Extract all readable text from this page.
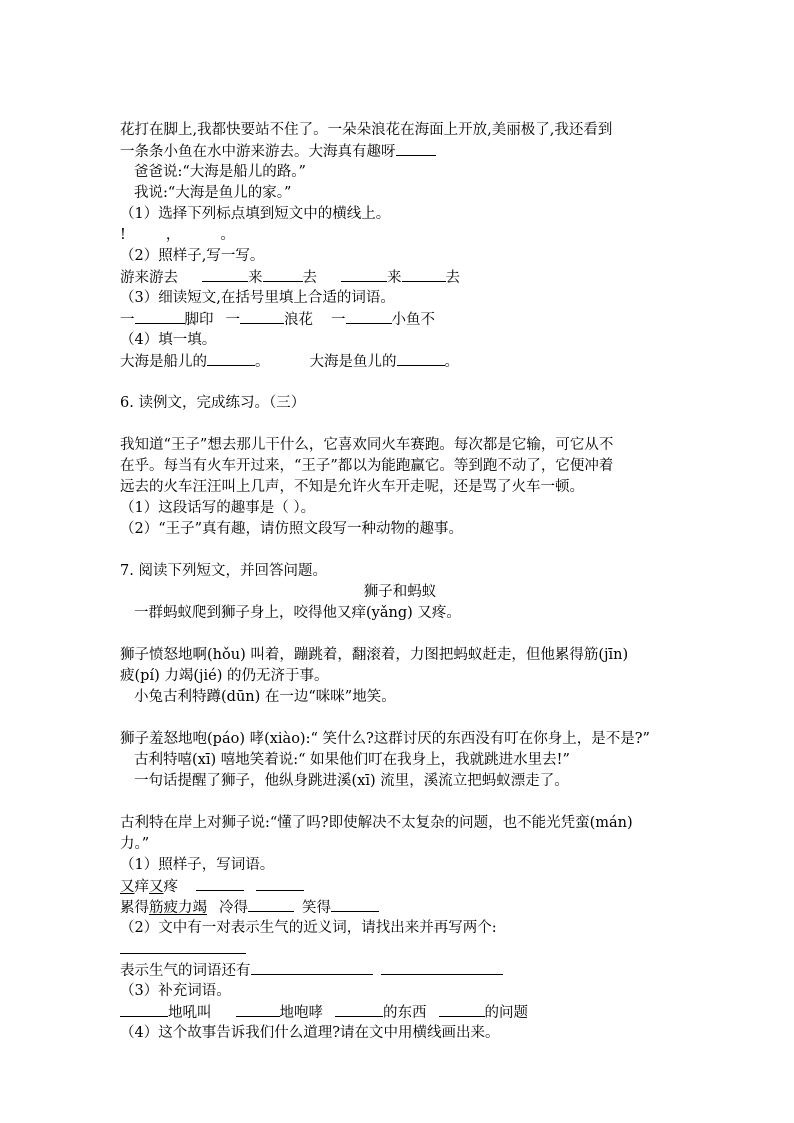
花打在脚上,我都快要站不住了。一朵朵浪花在海面上开放,美丽极了,我还看到
一条条小鱼在水中游来游去。大海真有趣呀
爸爸说:“大海是船儿的路。”
我说:“大海是鱼儿的家。”
（1）选择下列标点填到短文中的横线上。
!	，	。
（2）照样子,写一写。
游来游去	来	去	来	去
（3）细读短文,在括号里填上合适的词语。
一	脚印 一	浪花 一	小鱼不
（4）填一填。
大海是船儿的	。	大海是鱼儿的	。
6. 读例文，完成练习。（三）
我知道“王子”想去那儿干什么，它喜欢同火车赛跑。每次都是它输，可它从不
在乎。每当有火车开过来，“王子”都以为能跑赢它。等到跑不动了，它便冲着
远去的火车汪汪叫上几声，不知是允许火车开走呢，还是骂了火车一顿。
（1）这段话写的趣事是（ ）。
（2）“王子”真有趣，请仿照文段写一种动物的趣事。
7. 阅读下列短文，并回答问题。
狮子和蚂蚁
一群蚂蚁爬到狮子身上，咬得他又痒(yǎng) 又疼。
狮子愤怒地啊(hǒu) 叫着，蹦跳着，翻滚着，力图把蚂蚁赶走，但他累得筋(jīn)
疲(pí) 力竭(jié) 的仍无济于事。
小兔古利特蹲(dūn) 在一边“咪咪”地笑。
狮子羞怒地咆(páo) 哮(xiào):“ 笑什么?这群讨厌的东西没有叮在你身上，是不是?”
古利特嘻(xī) 嘻地笑着说:“ 如果他们叮在我身上，我就跳进水里去!”
一句话提醒了狮子，他纵身跳进溪(xī) 流里，溪流立把蚂蚁漂走了。
古利特在岸上对狮子说:“懂了吗?即使解决不太复杂的问题，也不能光凭蛮(mán)
力。”
（1）照样子，写词语。
又痒又疼
累得筋疲力竭 冷得	笑得
（2）文中有一对表示生气的近义词，请找出来并再写两个:
表示生气的词语还有
（3）补充词语。
地吼叫	地咆哮	的东西	的问题
（4）这个故事告诉我们什么道理?请在文中用横线画出来。
